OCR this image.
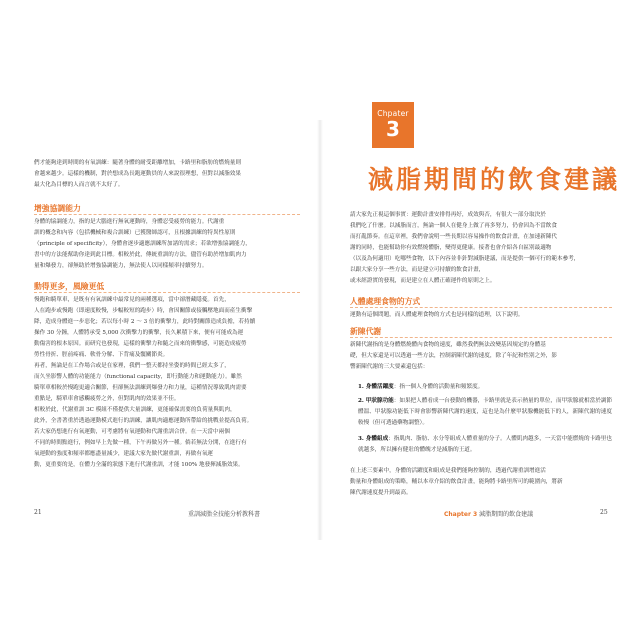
們才能夠達到時間的有氧訓練：隨著身體的耐受距離增加，卡路里和脂肪的燃燒量則
會越來越少。這樣的機制，對於想成為長跑運動員的人來說很理想，但對以減脂效果
最大化為目標的人而言就不太好了。
增強協調能力
身體的協調能力，指的是大腦進行無氧運動時，身體忍受疲勞的能力。代謝重
訓的概念和內容（包括機械和複合訓練）已獲醫師認可，且根據訓練的特異性原則
（principle of specificity），身體會逐步適應訓練所加諸的需求；若欲增強協調能力，
書中的方法能幫助你達到此目標。相較於此，傳統重訓的方法，儘管有助於增加肌肉力
量和爆發力，卻無助於增強協調能力，無法使人以同樣頻率持續努力。
動得更多，風險更低
慢跑和騎單車，是既有有氧訓練中最常見的兩種選項，當中卻潛藏隱憂。首先，
人在跑步或慢跑（即速度較慢，步幅較短的跑步）時，會因關節或接觸壓地面而產生衝擊
降，造成身體進一步惡化；若以每小時 2 ～ 3 倍的衝擊力，此時對關節造成負擔，若持續
操作 30 分鐘，人體將承受 5,000 次衝擊力的衝擊，長久累積下來，便有可能成為運
動傷害的根本原因。而研究也發現，這樣的衝擊力和隨之而來的衝擊感，可能造成疲勞
勞性骨折、脛前疼痛、軟骨分解、下背痛及髖關節炎。
再者，無論是在工作場合或是在家裡，我們一整天都持坐姿的時間已經太多了，
而久坐影響人體的功能能力（functional capacity，即行動能力和運動能力）。雖然
騎單車相較於慢跑更適合關節，但卻無法訓練到爆發力和力量，這種情況導致肌肉需要
重點是，騎單車會感觸疲勞之外，但對肌肉的效果並不佳。
相較於此，代謝重訓 3C 模組不僅提供大量訓練，更能確保需要的負荷量與肌肉，
此外，全書著重於透過運動模式進行的訓練，讓肌肉適應運動所帶給的挑戰並提高負荷。
若大家仍想進行有氧運動，可考慮將有氧運動和代謝重訓合併。在一天當中兩個
不同的時間點進行，例如早上先做一種，下午再做另外一種。倘若無法分開，在進行有
氧運動的強度和頻率都應盡量減少，建議大家先做代謝重訓，再做有氧運
動，更重要的是，在體力全滿的狀態下進行代謝重訓，才能 100% 地發揮減脂效果。
21	重訓減脂全技能分析教科書
Chpater
3
減脂期間的飲食建議
請大家先正視這個事實：運動計畫安排得再好，成效與否，有很大一部分取決於
我們吃了什麼。以減脂而言，無論一個人在健身上做了再多努力，仍會因為不當飲食
而打亂節奏。在這章裡，我們會說明一些長期以容易操作的飲食計畫，在加速新陳代
謝的同時，也能幫助你有效燃燒體脂，變得更健康。接著也會介紹各自區別最適物
（以及為何適用）吃哪些食物，以下內容並非針對減脂建議，而是提供一個可行的範本參考，
以跟大家分享一些方法，而是建立可持續的飲食計畫，
或未經證實的發現，而是建立在人體正確運作的原則之上。
人體處理食物的方式
運動有這個問題，而人體處理食物的方式也是同樣的道理，以下說明。
新陳代謝
新陳代謝指的是身體燃燒體內食物的速度，雖然我們無法改變基因規定的身體基
礎，但大家還是可以透過一些方法，控制新陳代謝的速度，除了年紀和性別之外，影
響新陳代謝的三大要素還包括：
1. 身體活躍度：指一個人身體的活動量和頻繁度。
2. 甲狀腺功能：如果把人體看成一台發動的機器，卡路里就是表示熱量的單位，而甲狀腺就相當於調節體溫、甲狀腺功能低下時會影響新陳代謝的速度，這也是為什麼甲狀腺機能低下的人，新陳代謝的速度較慢（但可透過藥物調整）。
3. 身體組成：指肌肉、脂肪、水分等組成人體重量的分子。人體肌肉越多，一天當中能燃燒的卡路里也就越多，所以擁有健壯的體魄才是減脂的王道。
在上述三要素中，身體的活躍度和組成是我們能夠控制的，透過代謝重訓增進活
動量和身體組成的策略，輔以本章介紹的飲食計畫，能夠將卡路里所可的範圍內，將新
陳代謝速度提升到最高。
Chapter 3 減脂期間的飲食建議	25
